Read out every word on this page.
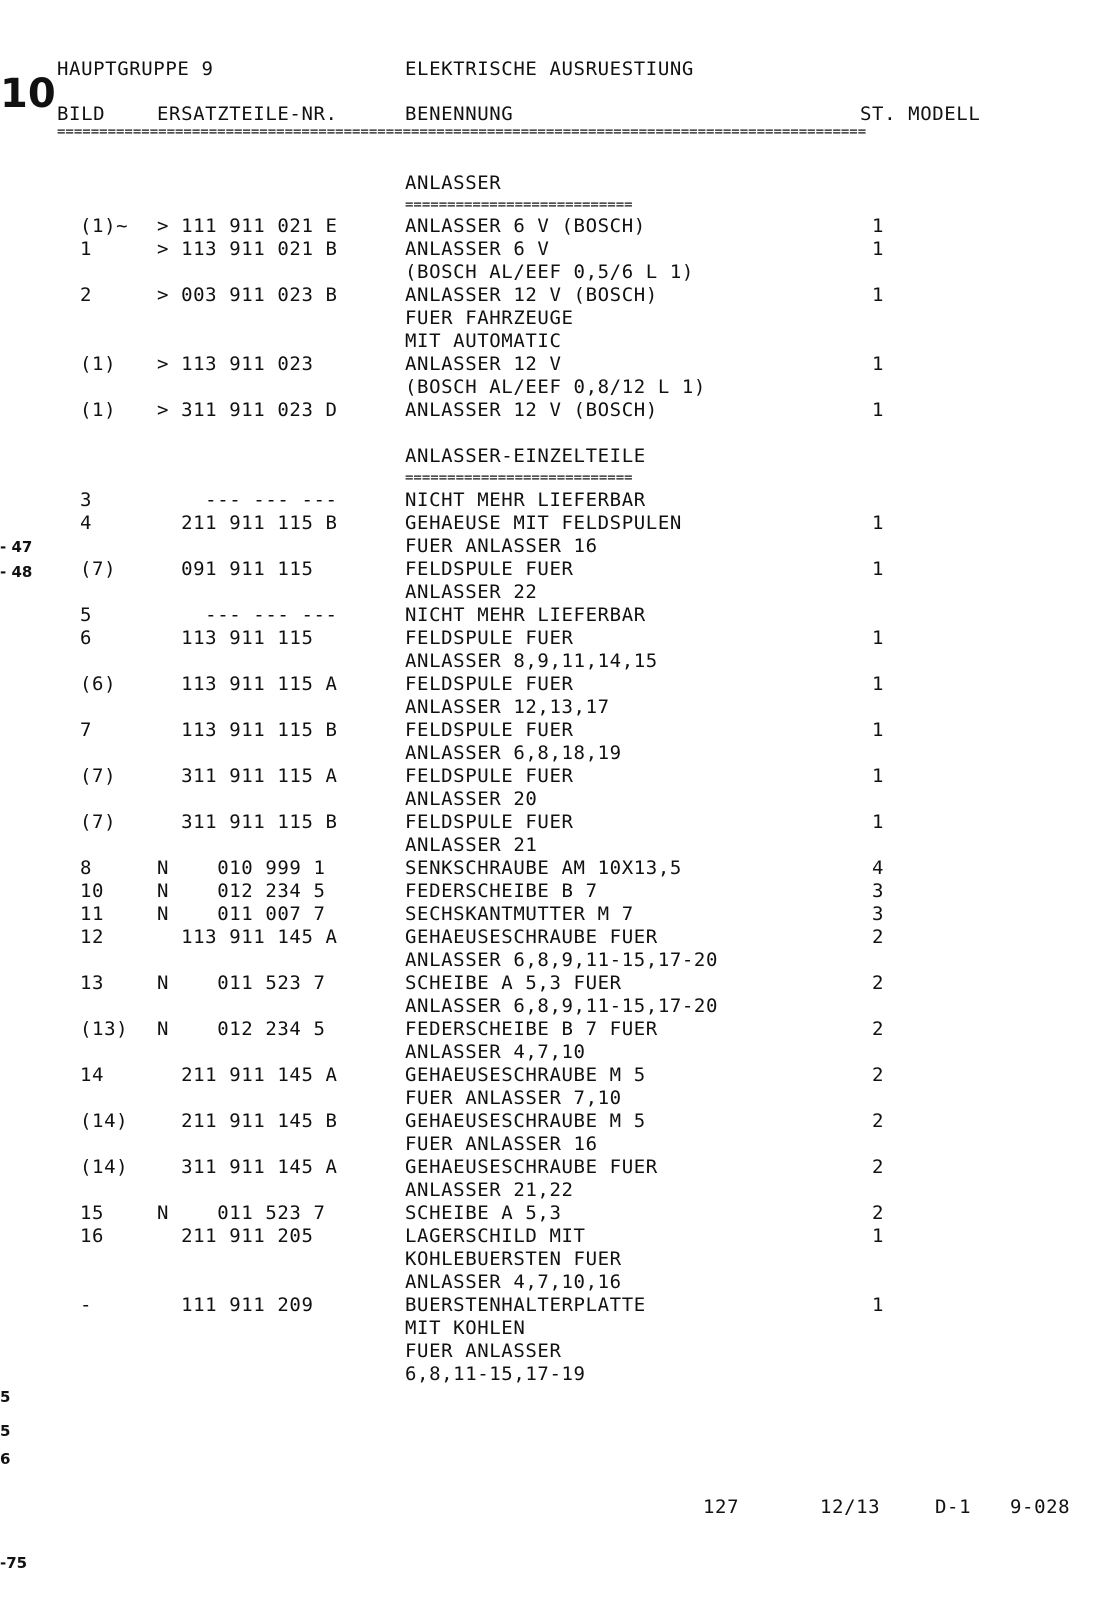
10
- 47
- 48
5
5
6
-75
HAUPTGRUPPE 9	ELEKTRISCHE AUSRUESTIUNG
BILD	ERSATZTEILE-NR.	BENENNUNG	ST. MODELL
================================================================================================
ANLASSER
===========================
ANLASSER-EINZELTEILE
===========================
(1)~ > 111 911 021 E	ANLASSER 6 V (BOSCH)	1
1	> 113 911 021 B	ANLASSER 6 V	1
(BOSCH AL/EEF 0,5/6 L 1)
2	> 003 911 023 B	ANLASSER 12 V (BOSCH)	1
FUER FAHRZEUGE
MIT AUTOMATIC
(1) > 113 911 023	ANLASSER 12 V	1
(BOSCH AL/EEF 0,8/12 L 1)
(1) > 311 911 023 D	ANLASSER 12 V (BOSCH)	1
3	--- --- ---	NICHT MEHR LIEFERBAR
4	211 911 115 B	GEHAEUSE MIT FELDSPULEN	1
FUER ANLASSER 16
(7) 091 911 115	FELDSPULE FUER	1
ANLASSER 22
5	--- --- ---	NICHT MEHR LIEFERBAR
6	113 911 115	FELDSPULE FUER	1
ANLASSER 8,9,11,14,15
(6) 113 911 115 A	FELDSPULE FUER	1
ANLASSER 12,13,17
7	113 911 115 B	FELDSPULE FUER	1
ANLASSER 6,8,18,19
(7) 311 911 115 A	FELDSPULE FUER	1
ANLASSER 20
(7) 311 911 115 B	FELDSPULE FUER	1
ANLASSER 21
8	N    010 999 1	SENKSCHRAUBE AM 10X13,5	4
10	N    012 234 5	FEDERSCHEIBE B 7	3
11	N    011 007 7	SECHSKANTMUTTER M 7	3
12	113 911 145 A	GEHAEUSESCHRAUBE FUER	2
ANLASSER 6,8,9,11-15,17-20
13	N    011 523 7	SCHEIBE A 5,3 FUER	2
ANLASSER 6,8,9,11-15,17-20
(13) N    012 234 5	FEDERSCHEIBE B 7 FUER	2
ANLASSER 4,7,10
14	211 911 145 A	GEHAEUSESCHRAUBE M 5	2
FUER ANLASSER 7,10
(14) 211 911 145 B	GEHAEUSESCHRAUBE M 5	2
FUER ANLASSER 16
(14) 311 911 145 A	GEHAEUSESCHRAUBE FUER	2
ANLASSER 21,22
15	N    011 523 7	SCHEIBE A 5,3	2
16	211 911 205	LAGERSCHILD MIT	1
KOHLEBUERSTEN FUER
ANLASSER 4,7,10,16
-	111 911 209	BUERSTENHALTERPLATTE	1
MIT KOHLEN
FUER ANLASSER
6,8,11-15,17-19
127	12/13	D-1 9-028
